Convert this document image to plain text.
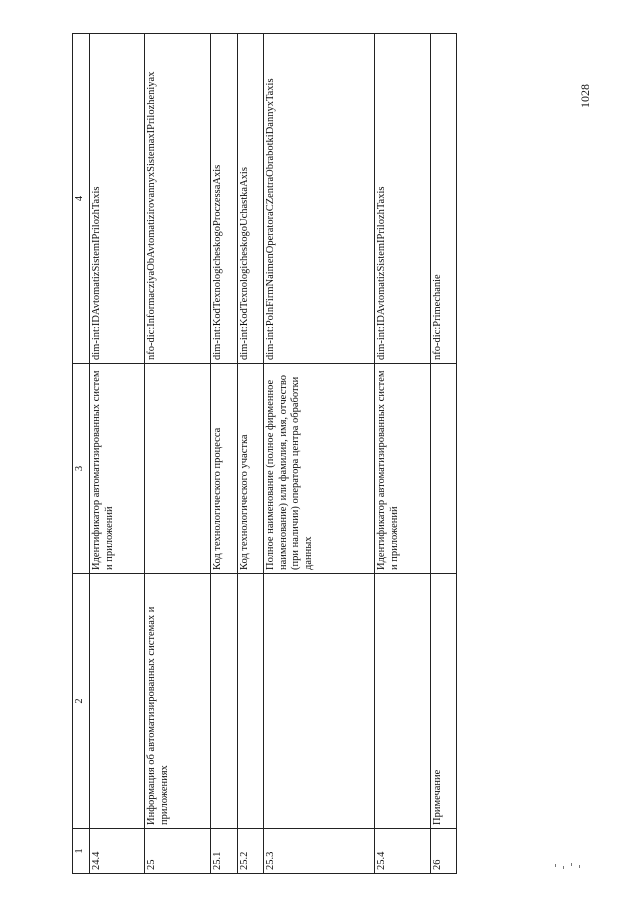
1	2	3	4
24.4		Идентификатор автоматизированных систем и приложений	dim-int:IDAvtomatizSistemIPrilozhTaxis
25	Информация об автоматизированных системах и приложениях		nfo-dic:InformacziyaObAvtomatizirovannyxSistemaxIPrilozheniyax
25.1		Код технологического процесса	dim-int:KodTexnologicheskogoProczessaAxis
25.2		Код технологического участка	dim-int:KodTexnologicheskogoUchastkaAxis
25.3		Полное наименование (полное фирменное наименование) или фамилия, имя, отчество (при наличии) оператора центра обработки данных	dim-int:PolnFirmNaimenOperatoraCZentraObrabotkiDannyxTaxis
25.4		Идентификатор автоматизированных систем и приложений	dim-int:IDAvtomatizSistemIPrilozhTaxis
26	Примечание		nfo-dic:Primechanie
1028
